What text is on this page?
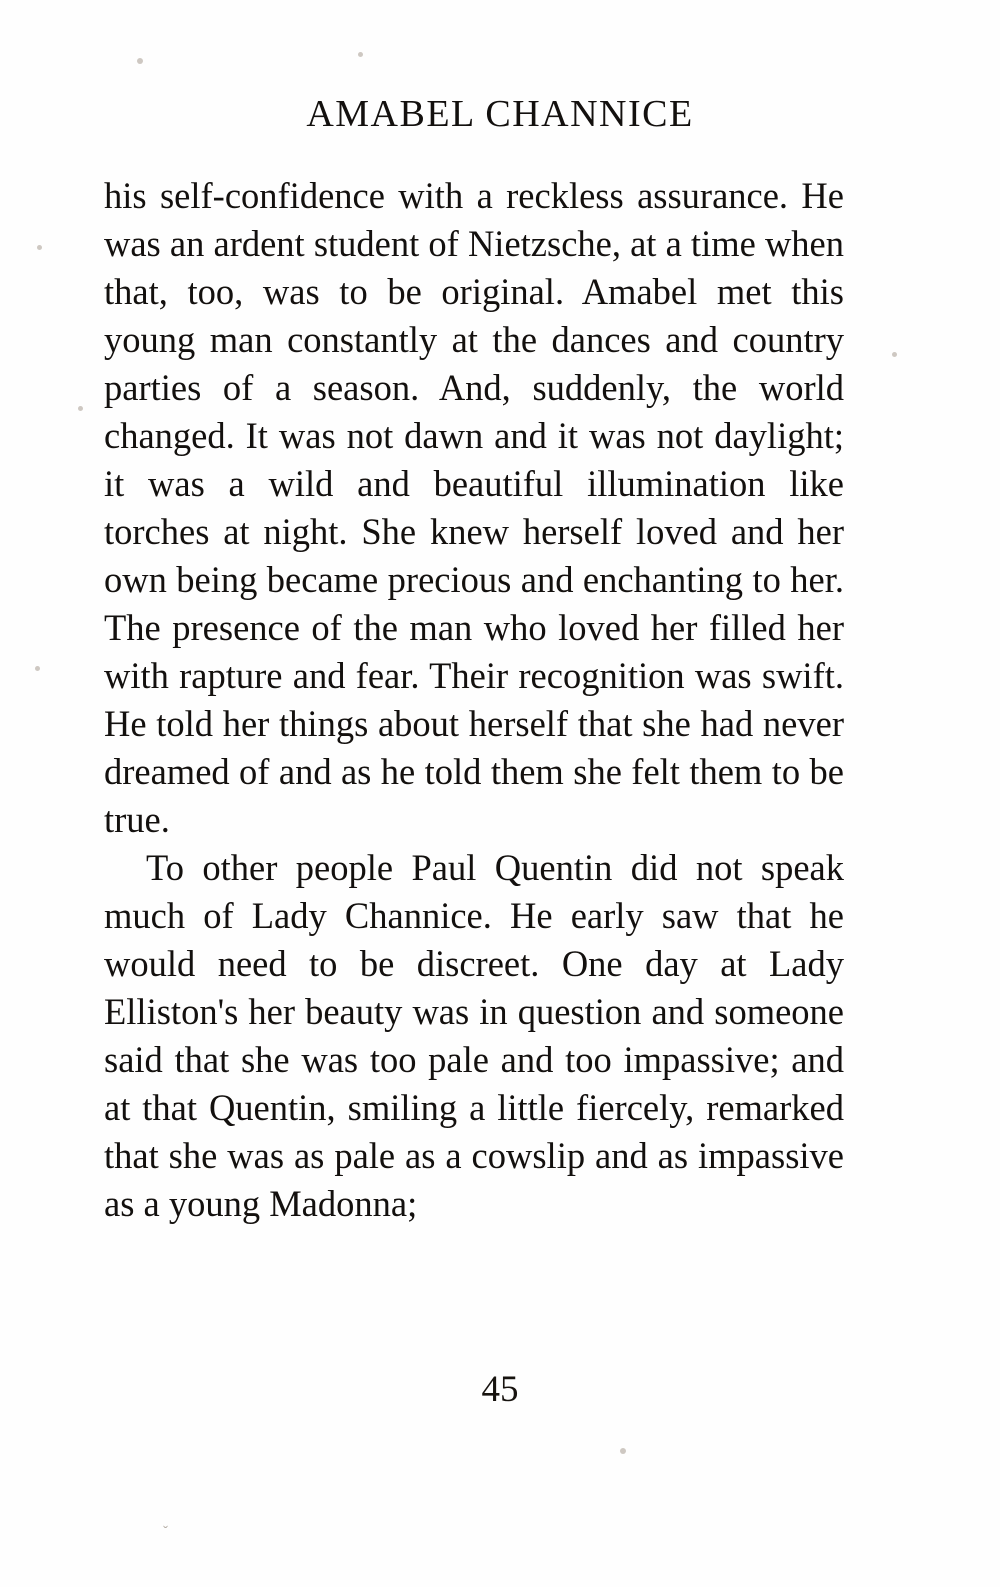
AMABEL CHANNICE

his self-confidence with a reckless assurance. He was an ardent student of Nietzsche, at a time when that, too, was to be original. Amabel met this young man constantly at the dances and country parties of a season. And, suddenly, the world changed. It was not dawn and it was not daylight; it was a wild and beautiful illumination like torches at night. She knew herself loved and her own being became precious and enchanting to her. The presence of the man who loved her filled her with rapture and fear. Their recognition was swift. He told her things about herself that she had never dreamed of and as he told them she felt them to be true.

To other people Paul Quentin did not speak much of Lady Channice. He early saw that he would need to be discreet. One day at Lady Elliston's her beauty was in question and someone said that she was too pale and too impassive; and at that Quentin, smiling a little fiercely, remarked that she was as pale as a cowslip and as impassive as a young Madonna;

45
ˇ
